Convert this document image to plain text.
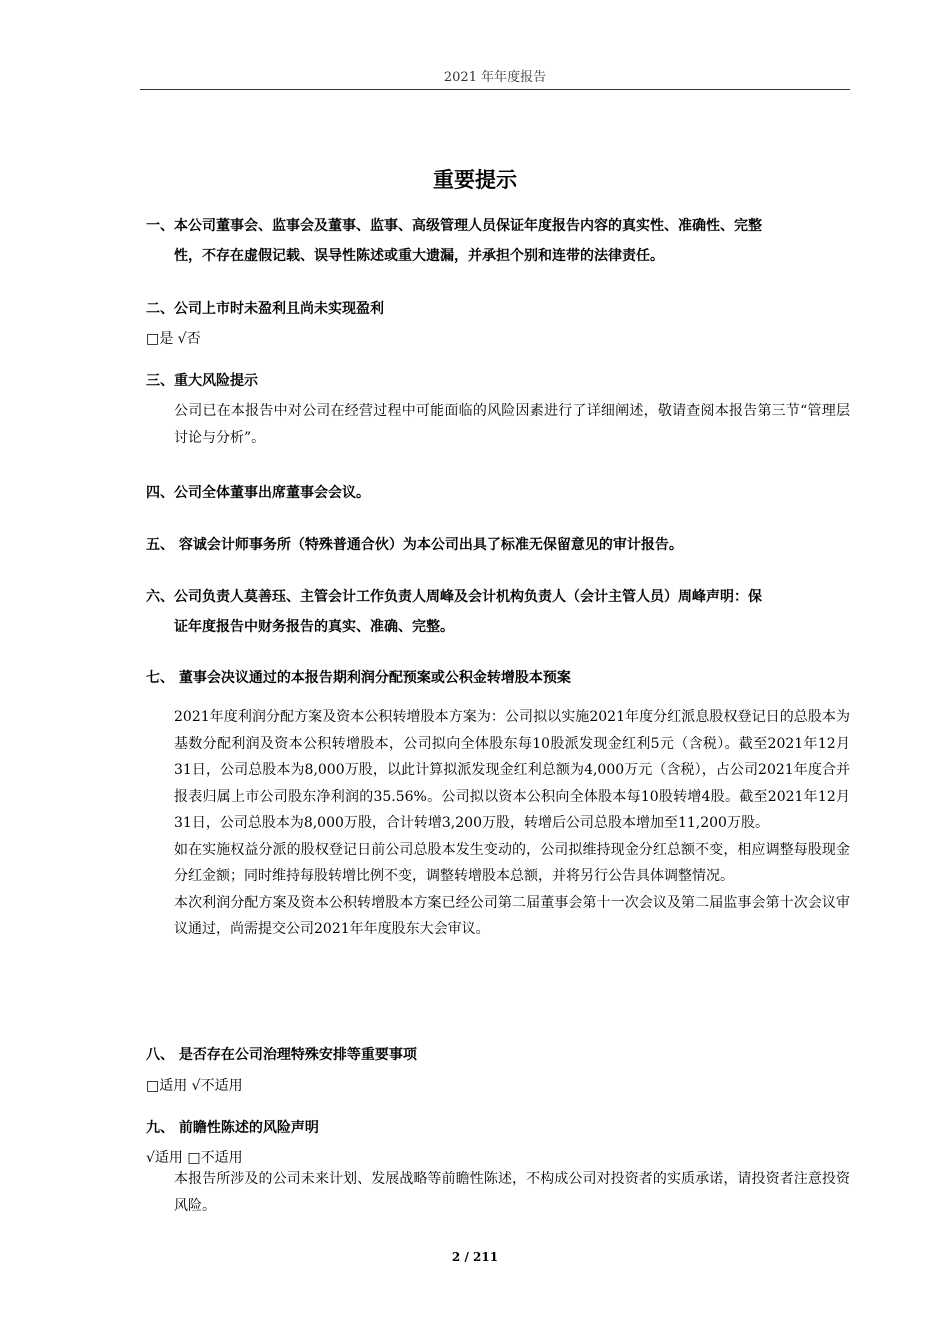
2021 年年度报告
重要提示
一、本公司董事会、监事会及董事、监事、高级管理人员保证年度报告内容的真实性、准确性、完整
性，不存在虚假记载、误导性陈述或重大遗漏，并承担个别和连带的法律责任。
二、公司上市时未盈利且尚未实现盈利
□是 √否
三、重大风险提示
公司已在本报告中对公司在经营过程中可能面临的风险因素进行了详细阐述，敬请查阅本报告第三节“管理层讨论与分析”。
四、公司全体董事出席董事会会议。
五、 容诚会计师事务所（特殊普通合伙）为本公司出具了标准无保留意见的审计报告。
六、公司负责人莫善珏、主管会计工作负责人周峰及会计机构负责人（会计主管人员）周峰声明：保
证年度报告中财务报告的真实、准确、完整。
七、 董事会决议通过的本报告期利润分配预案或公积金转增股本预案
2021年度利润分配方案及资本公积转增股本方案为：公司拟以实施2021年度分红派息股权登记日的总股本为基数分配利润及资本公积转增股本，公司拟向全体股东每10股派发现金红利5元（含税）。截至2021年12月31日，公司总股本为8,000万股，以此计算拟派发现金红利总额为4,000万元（含税），占公司2021年度合并报表归属上市公司股东净利润的35.56%。公司拟以资本公积向全体股本每10股转增4股。截至2021年12月31日，公司总股本为8,000万股，合计转增3,200万股，转增后公司总股本增加至11,200万股。
如在实施权益分派的股权登记日前公司总股本发生变动的，公司拟维持现金分红总额不变，相应调整每股现金分红金额；同时维持每股转增比例不变，调整转增股本总额，并将另行公告具体调整情况。
本次利润分配方案及资本公积转增股本方案已经公司第二届董事会第十一次会议及第二届监事会第十次会议审议通过，尚需提交公司2021年年度股东大会审议。
八、 是否存在公司治理特殊安排等重要事项
□适用 √不适用
九、 前瞻性陈述的风险声明
√适用 □不适用
本报告所涉及的公司未来计划、发展战略等前瞻性陈述，不构成公司对投资者的实质承诺，请投资者注意投资风险。
2 / 211
